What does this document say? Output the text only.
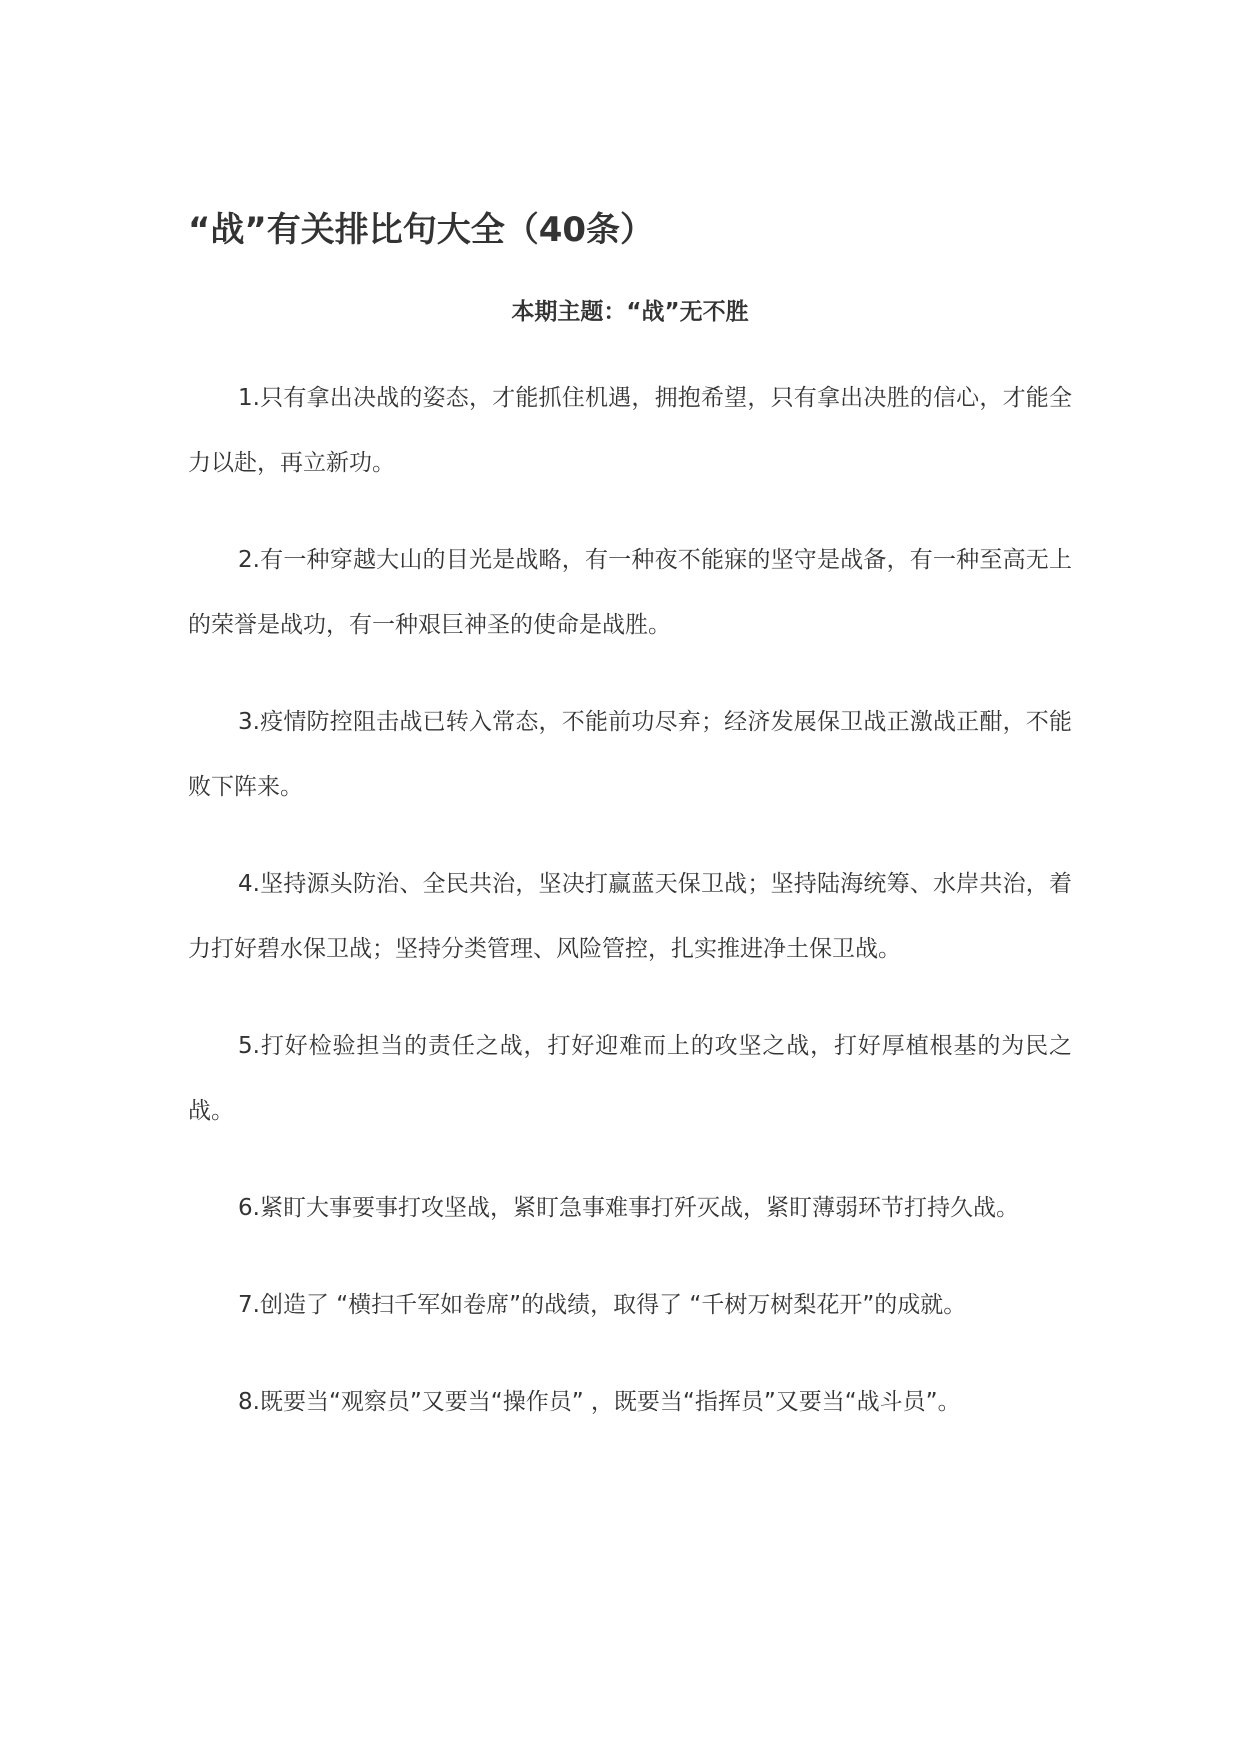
“战”有关排比句大全（40条）
本期主题：“战”无不胜

1.只有拿出决战的姿态，才能抓住机遇，拥抱希望，只有拿出决胜的信心，才能全力以赴，再立新功。

2.有一种穿越大山的目光是战略，有一种夜不能寐的坚守是战备，有一种至高无上的荣誉是战功，有一种艰巨神圣的使命是战胜。

3.疫情防控阻击战已转入常态，不能前功尽弃；经济发展保卫战正激战正酣，不能败下阵来。

4.坚持源头防治、全民共治，坚决打赢蓝天保卫战；坚持陆海统筹、水岸共治，着力打好碧水保卫战；坚持分类管理、风险管控，扎实推进净土保卫战。

5.打好检验担当的责任之战，打好迎难而上的攻坚之战，打好厚植根基的为民之战。

6.紧盯大事要事打攻坚战，紧盯急事难事打歼灭战，紧盯薄弱环节打持久战。

7.创造了 “横扫千军如卷席”的战绩，取得了 “千树万树梨花开”的成就。

8.既要当“观察员”又要当“操作员” ，既要当“指挥员”又要当“战斗员”。
